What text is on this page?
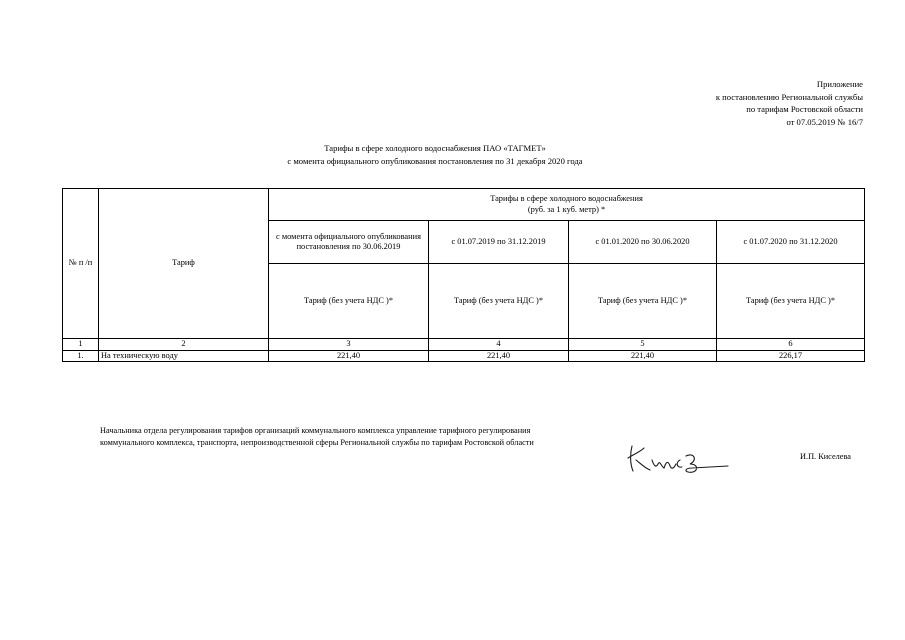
Приложение
к постановлению Региональной службы
по тарифам Ростовской области
от 07.05.2019 № 16/7
Тарифы в сфере холодного водоснабжения ПАО «ТАГМЕТ»
с момента официального опубликования постановления по 31 декабря 2020 года
№ п /п	Тариф	Тарифы в сфере холодного водоснабжения
(руб. за 1 куб. метр) *			

		с момента официального опубликования постановления по 30.06.2019	с 01.07.2019 по 31.12.2019	с 01.01.2020 по 30.06.2020	с 01.07.2020 по 31.12.2020
		Тариф (без учета НДС )*	Тариф (без учета НДС )*	Тариф (без учета НДС )*	Тариф (без учета НДС )*
1	2	3	4	5	6
1.	На техническую воду	221,40	221,40	221,40	226,17
Начальника отдела регулирования тарифов организаций коммунального комплекса управление тарифного регулирования коммунального комплекса, транспорта, непроизводственной сферы Региональной службы по тарифам Ростовской области
И.П. Киселева
